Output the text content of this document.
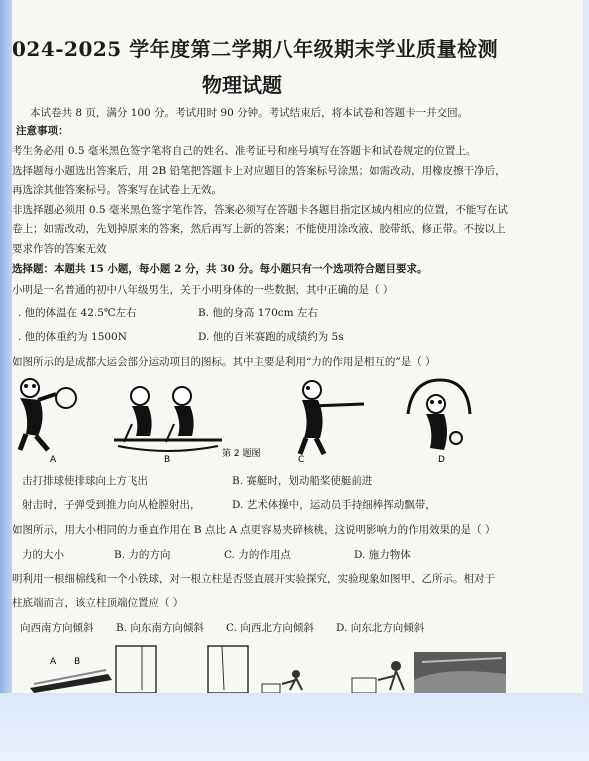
024-2025 学年度第二学期八年级期末学业质量检测
物理试题
本试卷共 8 页，满分 100 分。考试用时 90 分钟。考试结束后，将本试卷和答题卡一并交回。
注意事项：
考生务必用 0.5 毫米黑色签字笔将自己的姓名、准考证号和座号填写在答题卡和试卷规定的位置上。
选择题每小题选出答案后，用 2B 铅笔把答题卡上对应题目的答案标号涂黑；如需改动，用橡皮擦干净后，
再选涂其他答案标号。答案写在试卷上无效。
非选择题必须用 0.5 毫米黑色签字笔作答，答案必须写在答题卡各题目指定区域内相应的位置，不能写在试
卷上；如需改动，先划掉原来的答案，然后再写上新的答案；不能使用涂改液、胶带纸、修正带。不按以上
要求作答的答案无效
选择题：本题共 15 小题，每小题 2 分，共 30 分。每小题只有一个选项符合题目要求。
小明是一名普通的初中八年级男生，关于小明身体的一些数据，其中正确的是（ ）
. 他的体温在 42.5℃左右	B. 他的身高 170cm 左右
. 他的体重约为 1500N	D. 他的百米赛跑的成绩约为 5s
如图所示的是成都大运会部分运动项目的图标。其中主要是利用“力的作用是相互的”是（ ）
A	B	C	D
第 2 题图
击打排球使排球向上方飞出	B. 赛艇时，划动船桨使艇前进
射击时，子弹受到推力向从枪膛射出，	D. 艺术体操中，运动员手持细棒挥动飘带，
如图所示，用大小相同的力垂直作用在 B 点比 A 点更容易夹碎核桃，这说明影响力的作用效果的是（ ）
力的大小	B. 力的方向	C. 力的作用点	D. 施力物体
明利用一根细棉线和一个小铁球，对一根立柱是否竖直展开实验探究，实验现象如图甲、乙所示。相对于
柱底端而言，该立柱顶端位置应（ ）
向西南方向倾斜 B. 向东南方向倾斜 C. 向西北方向倾斜 D. 向东北方向倾斜
A B
